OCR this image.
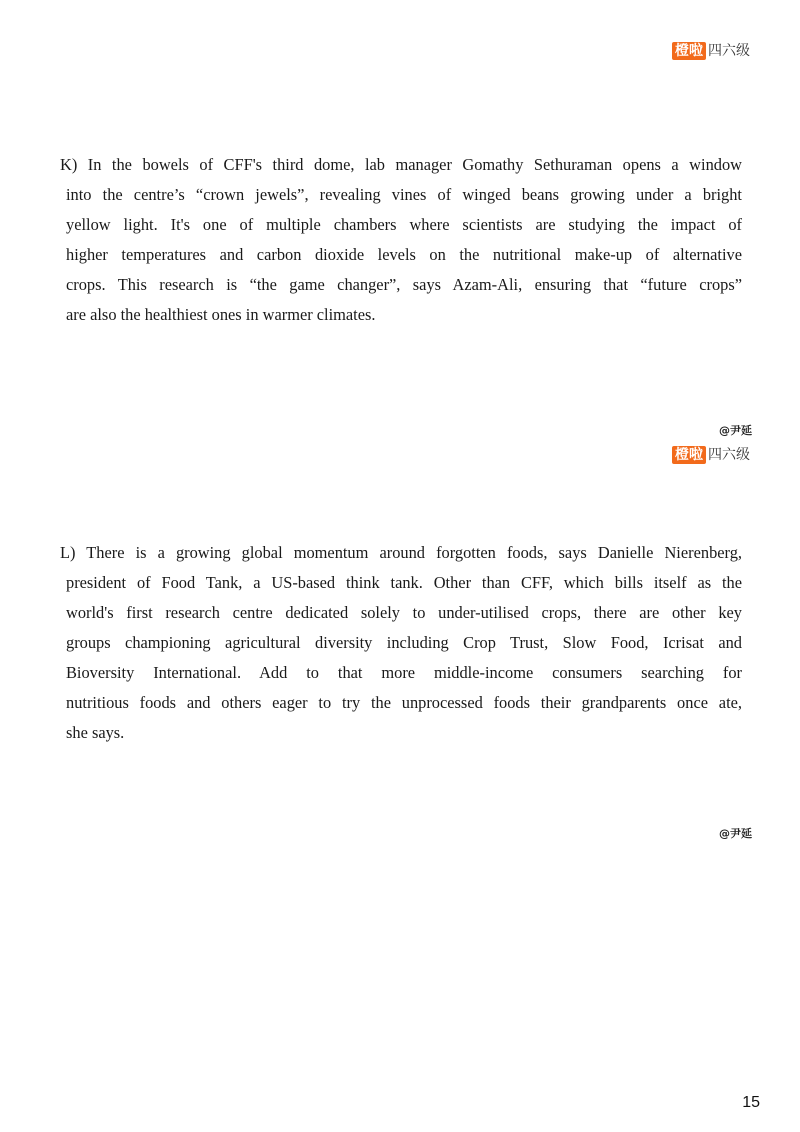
橙啦 四六级

K) In the bowels of CFF's third dome, lab manager Gomathy Sethuraman opens a window
into the centre’s “crown jewels”, revealing vines of winged beans growing under a bright
yellow light. It's one of multiple chambers where scientists are studying the impact of
higher temperatures and carbon dioxide levels on the nutritional make-up of alternative
crops. This research is “the game changer”, says Azam-Ali, ensuring that “future crops”
are also the healthiest ones in warmer climates.

@尹延
橙啦 四六级

L) There is a growing global momentum around forgotten foods, says Danielle Nierenberg,
president of Food Tank, a US-based think tank. Other than CFF, which bills itself as the
world's first research centre dedicated solely to under-utilised crops, there are other key
groups championing agricultural diversity including Crop Trust, Slow Food, Icrisat and
Bioversity International. Add to that more middle-income consumers searching for
nutritious foods and others eager to try the unprocessed foods their grandparents once ate,
she says.

@尹延
15
